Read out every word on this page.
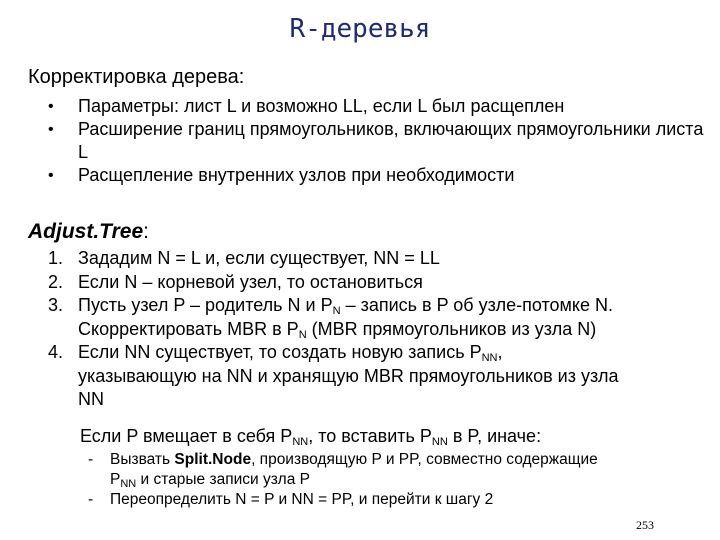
R-деревья
Корректировка дерева:
•	Параметры: лист L и возможно LL, если L был расщеплен
•	Расширение границ прямоугольников, включающих прямоугольники листа L
•	Расщепление внутренних узлов при необходимости
Adjust.Tree:
1. Зададим N = L и, если существует, NN = LL
2. Если N – корневой узел, то остановиться
3. Пусть узел P – родитель N и $P_N$ – запись в P об узле-потомке N.
Скорректировать MBR в $P_N$ (MBR прямоугольников из узла N)
4. Если NN существует, то создать новую запись $P_{NN}$,
указывающую на NN и хранящую MBR прямоугольников из узла
NN
Если P вмещает в себя $P_{NN}$, то вставить $P_{NN}$ в P, иначе:
-	Вызвать Split.Node, производящую P и PP, совместно содержащие
$P_{NN}$ и старые записи узла P
-	Переопределить N = P и NN = PP, и перейти к шагу 2
253
